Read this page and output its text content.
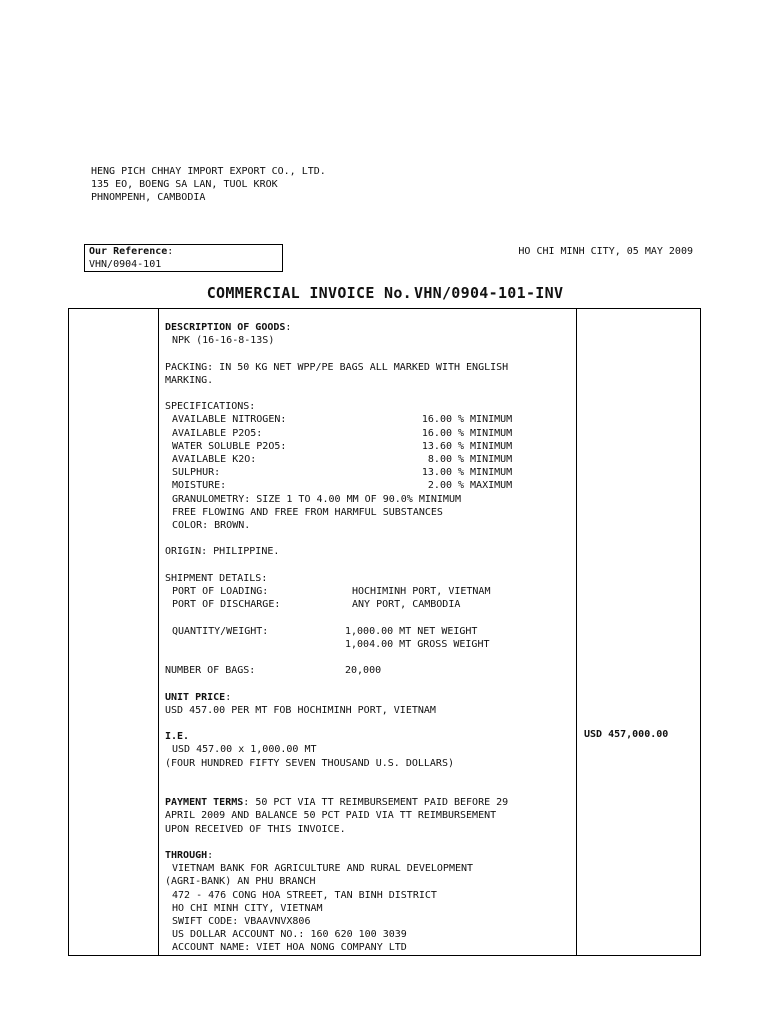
HENG PICH CHHAY IMPORT EXPORT CO., LTD.
135 EO, BOENG SA LAN, TUOL KROK
PHNOMPENH, CAMBODIA
Our Reference:
VHN/0904-101
HO CHI MINH CITY, 05 MAY 2009
COMMERCIAL INVOICE No. VHN/0904-101-INV
DESCRIPTION OF GOODS:
NPK (16-16-8-13S)
PACKING: IN 50 KG NET WPP/PE BAGS ALL MARKED WITH ENGLISH
MARKING.
SPECIFICATIONS:
AVAILABLE NITROGEN:	16.00 % MINIMUM
AVAILABLE P2O5:	16.00 % MINIMUM
WATER SOLUBLE P2O5:	13.60 % MINIMUM
AVAILABLE K2O:	8.00 % MINIMUM
SULPHUR:	13.00 % MINIMUM
MOISTURE:	2.00 % MAXIMUM
GRANULOMETRY: SIZE 1 TO 4.00 MM OF 90.0% MINIMUM
FREE FLOWING AND FREE FROM HARMFUL SUBSTANCES
COLOR: BROWN.
ORIGIN: PHILIPPINE.
SHIPMENT DETAILS:
PORT OF LOADING:	HOCHIMINH PORT, VIETNAM
PORT OF DISCHARGE:	ANY PORT, CAMBODIA
QUANTITY/WEIGHT:	1,000.00 MT NET WEIGHT
1,004.00 MT GROSS WEIGHT
NUMBER OF BAGS:	20,000
UNIT PRICE:
USD 457.00 PER MT FOB HOCHIMINH PORT, VIETNAM
I.E.
USD 457.00 x 1,000.00 MT
(FOUR HUNDRED FIFTY SEVEN THOUSAND U.S. DOLLARS)
PAYMENT TERMS: 50 PCT VIA TT REIMBURSEMENT PAID BEFORE 29
APRIL 2009 AND BALANCE 50 PCT PAID VIA TT REIMBURSEMENT
UPON RECEIVED OF THIS INVOICE.
THROUGH:
VIETNAM BANK FOR AGRICULTURE AND RURAL DEVELOPMENT
(AGRI-BANK) AN PHU BRANCH
472 - 476 CONG HOA STREET, TAN BINH DISTRICT
HO CHI MINH CITY, VIETNAM
SWIFT CODE: VBAAVNVX806
US DOLLAR ACCOUNT NO.: 160 620 100 3039
ACCOUNT NAME: VIET HOA NONG COMPANY LTD
USD 457,000.00
